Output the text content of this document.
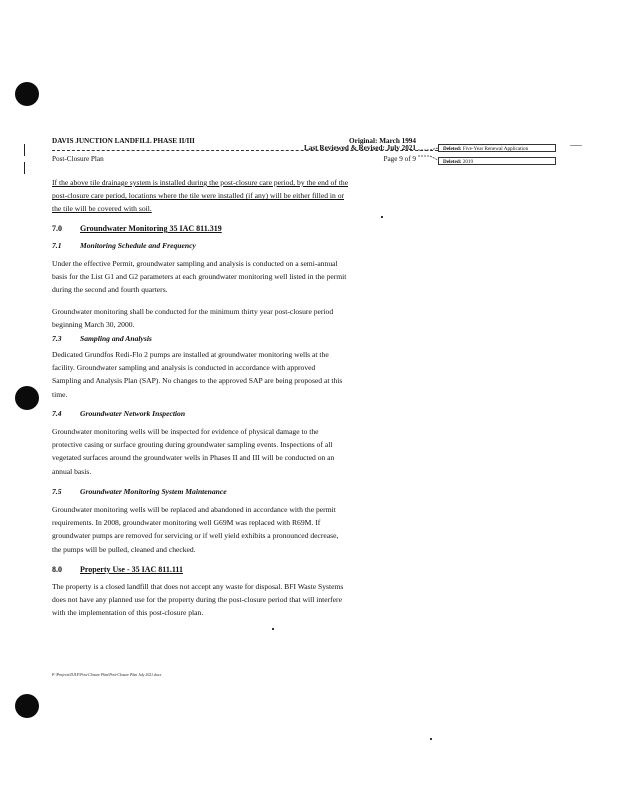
DAVIS JUNCTION LANDFILL PHASE II/III	Original: March 1994
Last Reviewed & Revised: July 2021
Post-Closure Plan	Page 9 of 9
Deleted: Five-Year Renewal Application
Deleted: 2019
If the above tile drainage system is installed during the post-closure care period, by the end of the
post-closure care period, locations where the tile were installed (if any) will be either filled in or
the tile will be covered with soil.
7.0 Groundwater Monitoring 35 IAC 811.319
7.1 Monitoring Schedule and Frequency
Under the effective Permit, groundwater sampling and analysis is conducted on a semi-annual
basis for the List G1 and G2 parameters at each groundwater monitoring well listed in the permit
during the second and fourth quarters.
Groundwater monitoring shall be conducted for the minimum thirty year post-closure period
beginning March 30, 2000.
7.3 Sampling and Analysis
Dedicated Grundfos Redi-Flo 2 pumps are installed at groundwater monitoring wells at the
facility. Groundwater sampling and analysis is conducted in accordance with approved
Sampling and Analysis Plan (SAP). No changes to the approved SAP are being proposed at this
time.
7.4 Groundwater Network Inspection
Groundwater monitoring wells will be inspected for evidence of physical damage to the
protective casing or surface grouting during groundwater sampling events. Inspections of all
vegetated surfaces around the groundwater wells in Phases II and III will be conducted on an
annual basis.
7.5 Groundwater Monitoring System Maintenance
Groundwater monitoring wells will be replaced and abandoned in accordance with the permit
requirements. In 2008, groundwater monitoring well G69M was replaced with R69M. If
groundwater pumps are removed for servicing or if well yield exhibits a pronounced decrease,
the pumps will be pulled, cleaned and checked.
8.0 Property Use - 35 IAC 811.111
The property is a closed landfill that does not accept any waste for disposal. BFI Waste Systems
does not have any planned use for the property during the post-closure period that will interfere
with the implementation of this post-closure plan.
P:\Projects\DJLF\Post-Closure Plan\Post-Closure Plan July 2021.docx
